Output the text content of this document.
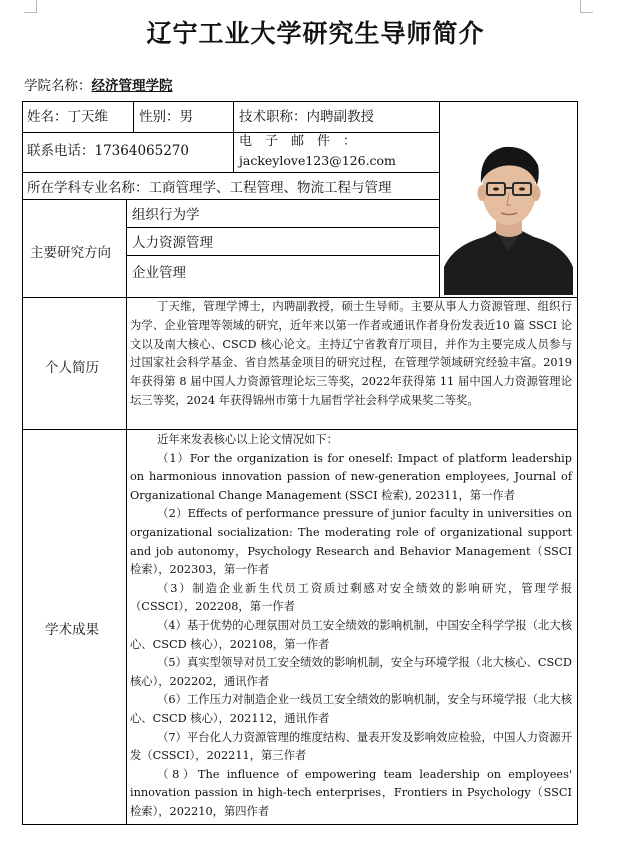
辽宁工业大学研究生导师简介
学院名称：经济管理学院
姓名：丁天维 性别：男	技术职称：内聘副教授
联系电话：17364065270
电　子　邮　件　：
jackeylove123@126.com
所在学科专业名称：工商管理学、工程管理、物流工程与管理
主要研究方向
组织行为学
人力资源管理
企业管理
个人简历

丁天维，管理学博士，内聘副教授，硕士生导师。主要从事人力资源管理、组织行为学、企业管理等领域的研究，近年来以第一作者或通讯作者身份发表近10 篇 SSCI 论文以及南大核心、CSCD 核心论文。主持辽宁省教育厅项目，并作为主要完成人员参与过国家社会科学基金、省自然基金项目的研究过程，在管理学领域研究经验丰富。2019 年获得第 8 届中国人力资源管理论坛三等奖，2022年获得第 11 届中国人力资源管理论坛三等奖，2024 年获得锦州市第十九届哲学社会科学成果奖二等奖。

学术成果

近年来发表核心以上论文情况如下：

（1）For the organization is for oneself: Impact of platform leadership on harmonious innovation passion of new-generation employees, Journal of Organizational Change Management (SSCI 检索), 202311，第一作者

（2）Effects of performance pressure of junior faculty in universities on organizational socialization: The moderating role of organizational support and job autonomy，Psychology Research and Behavior Management（SSCI 检索），202303，第一作者

（3）制造企业新生代员工资质过剩感对安全绩效的影响研究，管理学报（CSSCI），202208，第一作者

（4）基于优势的心理氛围对员工安全绩效的影响机制，中国安全科学学报（北大核心、CSCD 核心），202108，第一作者

（5）真实型领导对员工安全绩效的影响机制，安全与环境学报（北大核心、CSCD 核心），202202，通讯作者

（6）工作压力对制造企业一线员工安全绩效的影响机制，安全与环境学报（北大核心、CSCD 核心），202112，通讯作者

（7）平台化人力资源管理的维度结构、量表开发及影响效应检验，中国人力资源开发（CSSCI），202211，第三作者

（8）The influence of empowering team leadership on employees' innovation passion in high-tech enterprises，Frontiers in Psychology（SSCI 检索），202210，第四作者
